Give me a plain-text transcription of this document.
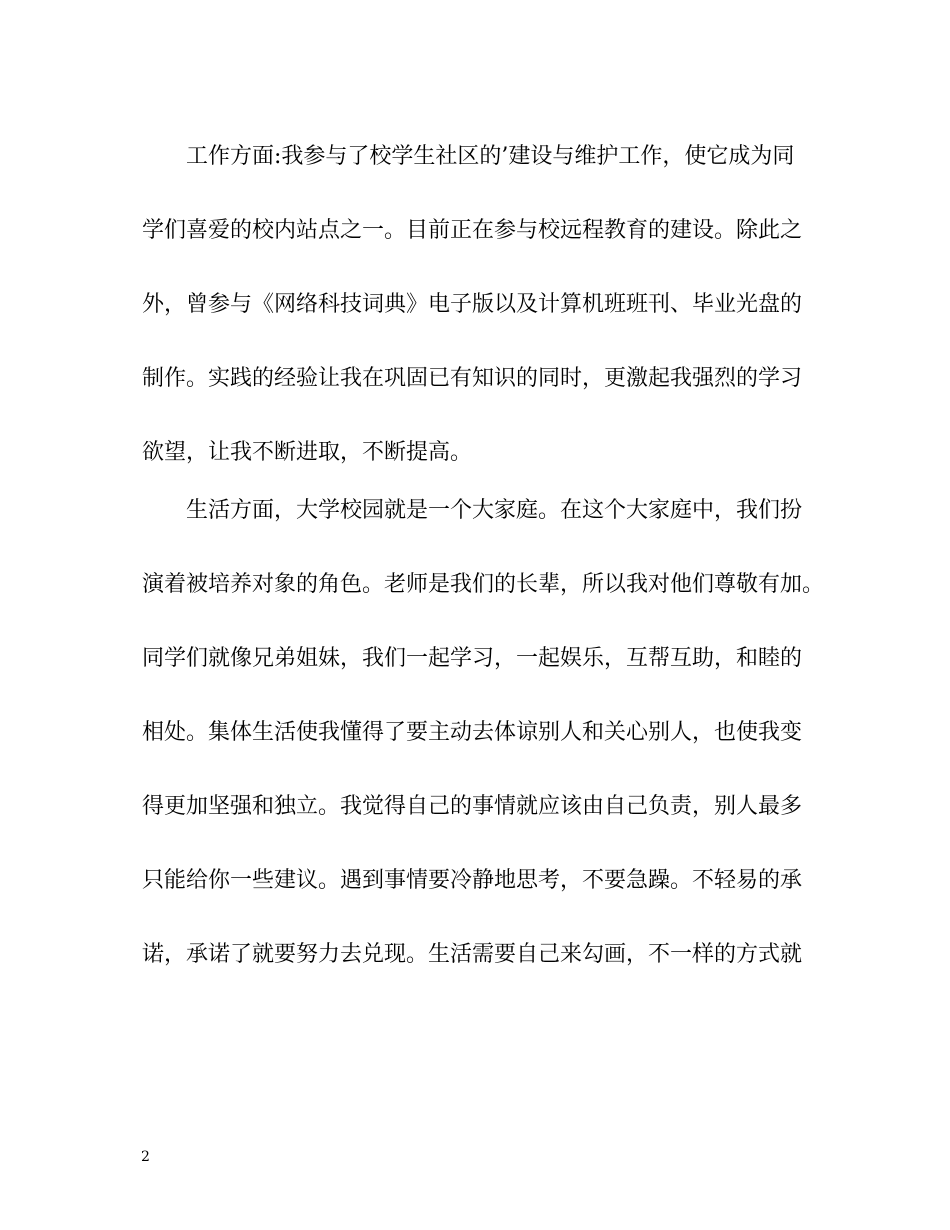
　　工作方面:我参与了校学生社区的’建设与维护工作，使它成为同
学们喜爱的校内站点之一。目前正在参与校远程教育的建设。除此之
外，曾参与《网络科技词典》电子版以及计算机班班刊、毕业光盘的
制作。实践的经验让我在巩固已有知识的同时，更激起我强烈的学习
欲望，让我不断进取，不断提高。
　　生活方面，大学校园就是一个大家庭。在这个大家庭中，我们扮
演着被培养对象的角色。老师是我们的长辈，所以我对他们尊敬有加。
同学们就像兄弟姐妹，我们一起学习，一起娱乐，互帮互助，和睦的
相处。集体生活使我懂得了要主动去体谅别人和关心别人，也使我变
得更加坚强和独立。我觉得自己的事情就应该由自己负责，别人最多
只能给你一些建议。遇到事情要冷静地思考，不要急躁。不轻易的承
诺，承诺了就要努力去兑现。生活需要自己来勾画，不一样的方式就
2
